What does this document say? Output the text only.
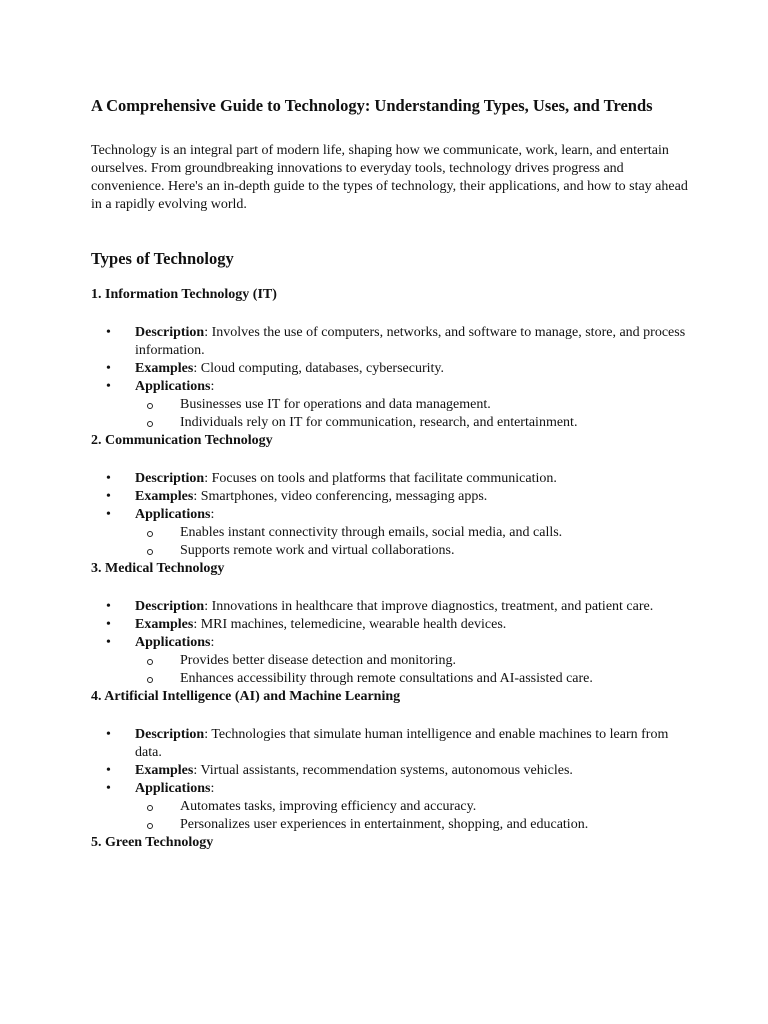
A Comprehensive Guide to Technology: Understanding Types, Uses, and Trends

Technology is an integral part of modern life, shaping how we communicate, work, learn, and entertain ourselves. From groundbreaking innovations to everyday tools, technology drives progress and convenience. Here's an in-depth guide to the types of technology, their applications, and how to stay ahead in a rapidly evolving world.

Types of Technology
1. Information Technology (IT)
• Description: Involves the use of computers, networks, and software to manage, store, and process information.
• Examples: Cloud computing, databases, cybersecurity.
• Applications:
Businesses use IT for operations and data management.
Individuals rely on IT for communication, research, and entertainment.
2. Communication Technology
• Description: Focuses on tools and platforms that facilitate communication.
• Examples: Smartphones, video conferencing, messaging apps.
• Applications:
Enables instant connectivity through emails, social media, and calls.
Supports remote work and virtual collaborations.
3. Medical Technology
• Description: Innovations in healthcare that improve diagnostics, treatment, and patient care.
• Examples: MRI machines, telemedicine, wearable health devices.
• Applications:
Provides better disease detection and monitoring.
Enhances accessibility through remote consultations and AI-assisted care.
4. Artificial Intelligence (AI) and Machine Learning
• Description: Technologies that simulate human intelligence and enable machines to learn from data.
• Examples: Virtual assistants, recommendation systems, autonomous vehicles.
• Applications:
Automates tasks, improving efficiency and accuracy.
Personalizes user experiences in entertainment, shopping, and education.
5. Green Technology
